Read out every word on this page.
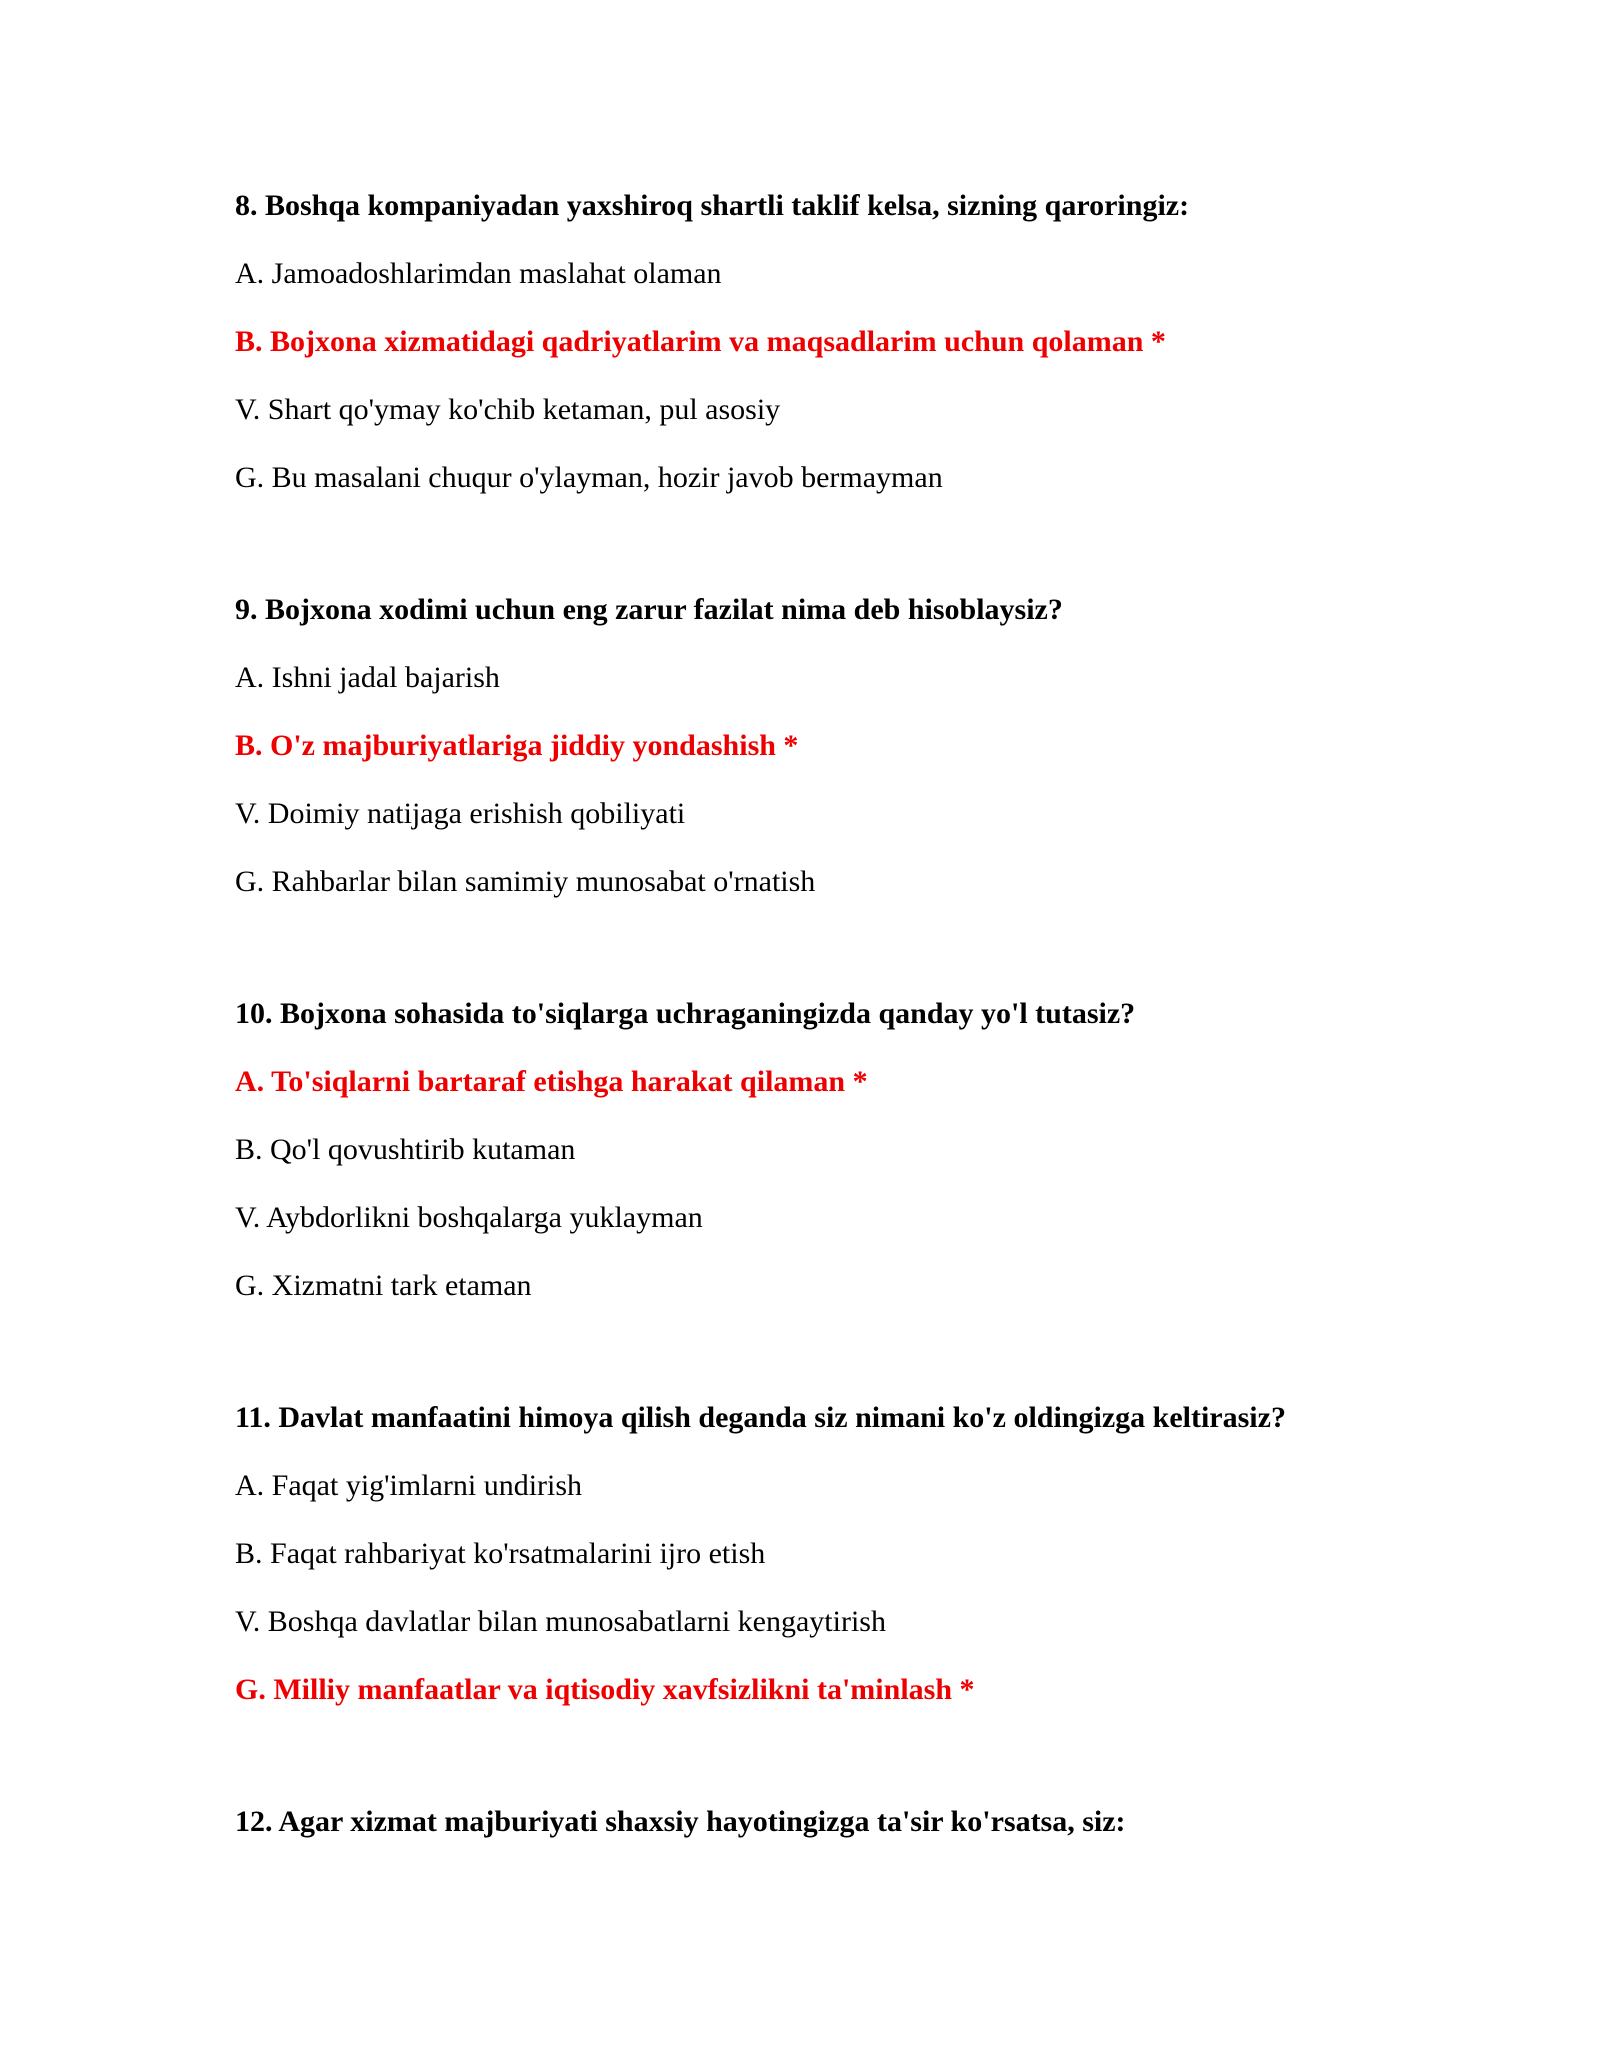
8. Boshqa kompaniyadan yaxshiroq shartli taklif kelsa, sizning qaroringiz:

A. Jamoadoshlarimdan maslahat olaman

B. Bojxona xizmatidagi qadriyatlarim va maqsadlarim uchun qolaman *

V. Shart qo'ymay ko'chib ketaman, pul asosiy

G. Bu masalani chuqur o'ylayman, hozir javob bermayman

9. Bojxona xodimi uchun eng zarur fazilat nima deb hisoblaysiz?

A. Ishni jadal bajarish

B. O'z majburiyatlariga jiddiy yondashish *

V. Doimiy natijaga erishish qobiliyati

G. Rahbarlar bilan samimiy munosabat o'rnatish

10. Bojxona sohasida to'siqlarga uchraganingizda qanday yo'l tutasiz?

A. To'siqlarni bartaraf etishga harakat qilaman *

B. Qo'l qovushtirib kutaman

V. Aybdorlikni boshqalarga yuklayman

G. Xizmatni tark etaman

11. Davlat manfaatini himoya qilish deganda siz nimani ko'z oldingizga keltirasiz?

A. Faqat yig'imlarni undirish

B. Faqat rahbariyat ko'rsatmalarini ijro etish

V. Boshqa davlatlar bilan munosabatlarni kengaytirish

G. Milliy manfaatlar va iqtisodiy xavfsizlikni ta'minlash *

12. Agar xizmat majburiyati shaxsiy hayotingizga ta'sir ko'rsatsa, siz:
